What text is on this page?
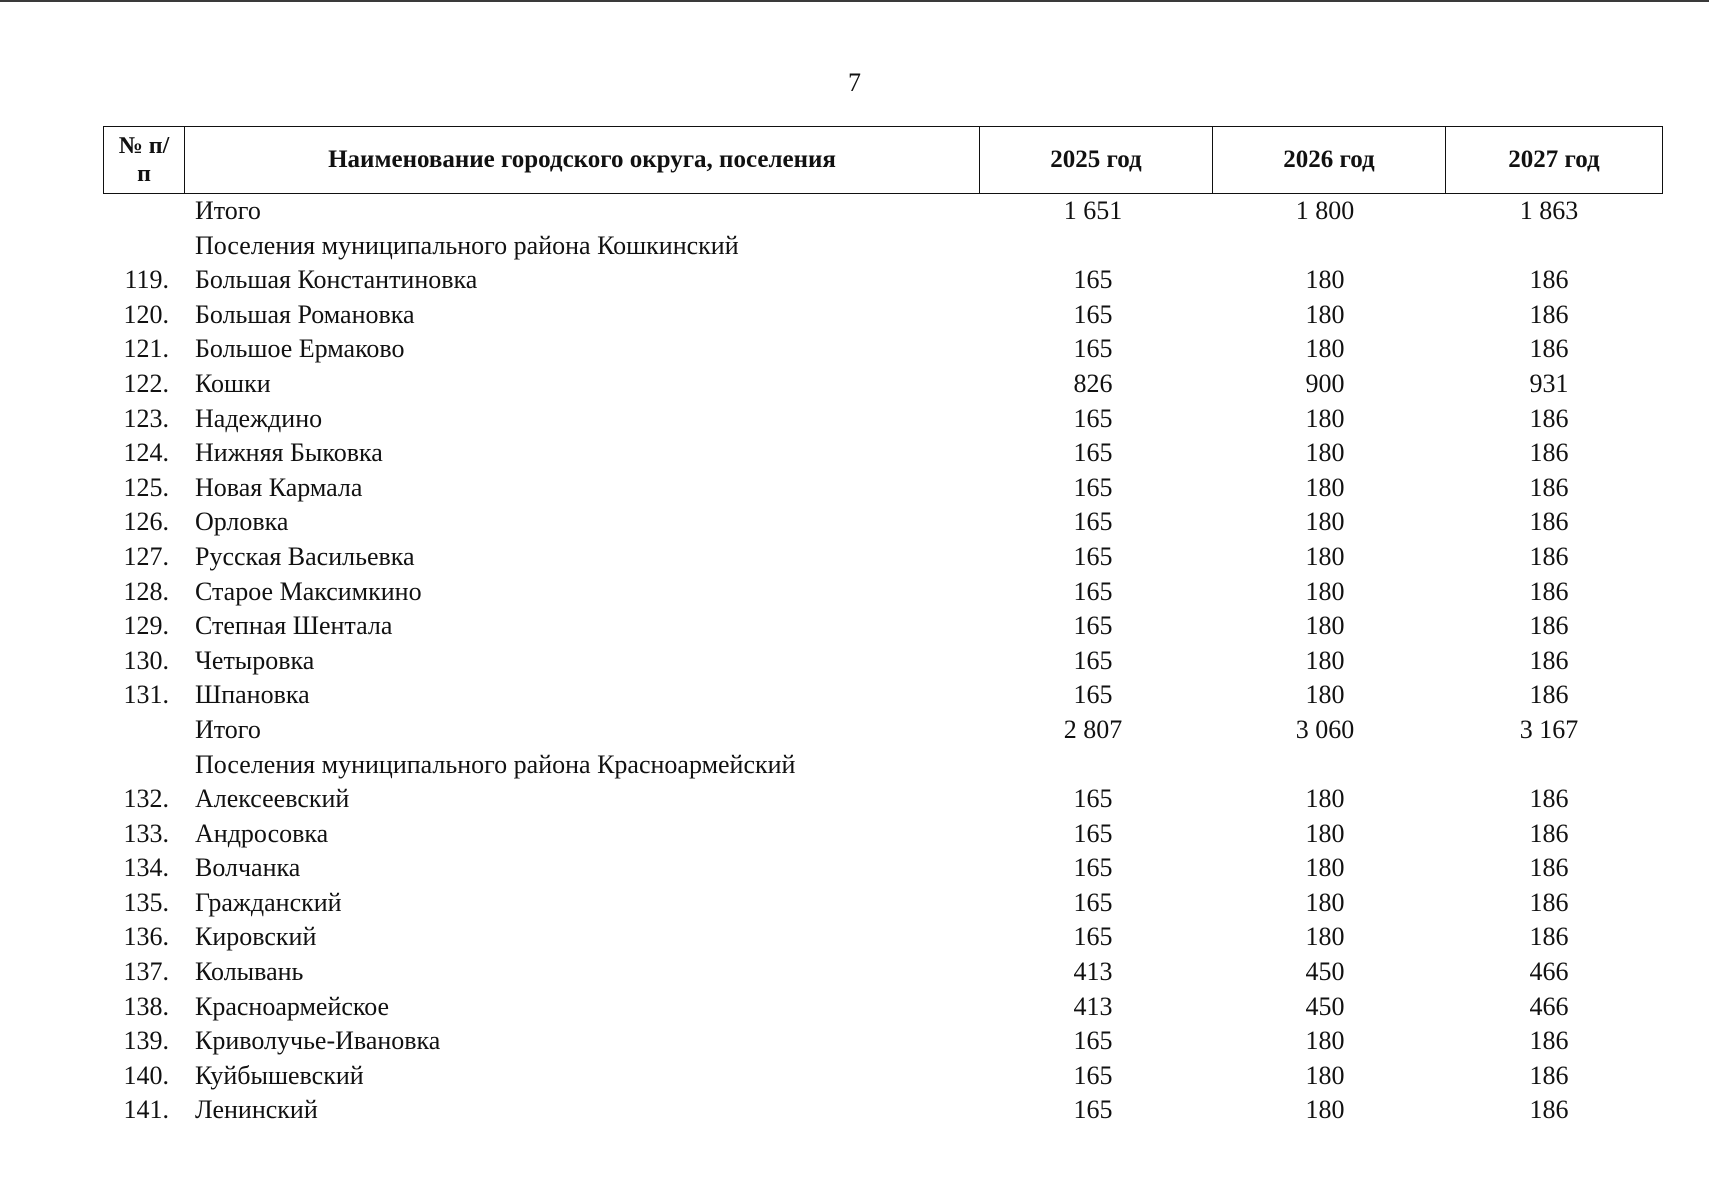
7
№ п/п	Наименование городского округа, поселения	2025 год	2026 год	2027 год
Итого	1 651	1 800	1 863
Поселения муниципального района Кошкинский
119. Большая Константиновка	165	180	186
120. Большая Романовка	165	180	186
121. Большое Ермаково	165	180	186
122. Кошки	826	900	931
123. Надеждино	165	180	186
124. Нижняя Быковка	165	180	186
125. Новая Кармала	165	180	186
126. Орловка	165	180	186
127. Русская Васильевка	165	180	186
128. Старое Максимкино	165	180	186
129. Степная Шентала	165	180	186
130. Четыровка	165	180	186
131. Шпановка	165	180	186
Итого	2 807	3 060	3 167
Поселения муниципального района Красноармейский
132. Алексеевский	165	180	186
133. Андросовка	165	180	186
134. Волчанка	165	180	186
135. Гражданский	165	180	186
136. Кировский	165	180	186
137. Колывань	413	450	466
138. Красноармейское	413	450	466
139. Криволучье-Ивановка	165	180	186
140. Куйбышевский	165	180	186
141. Ленинский	165	180	186
